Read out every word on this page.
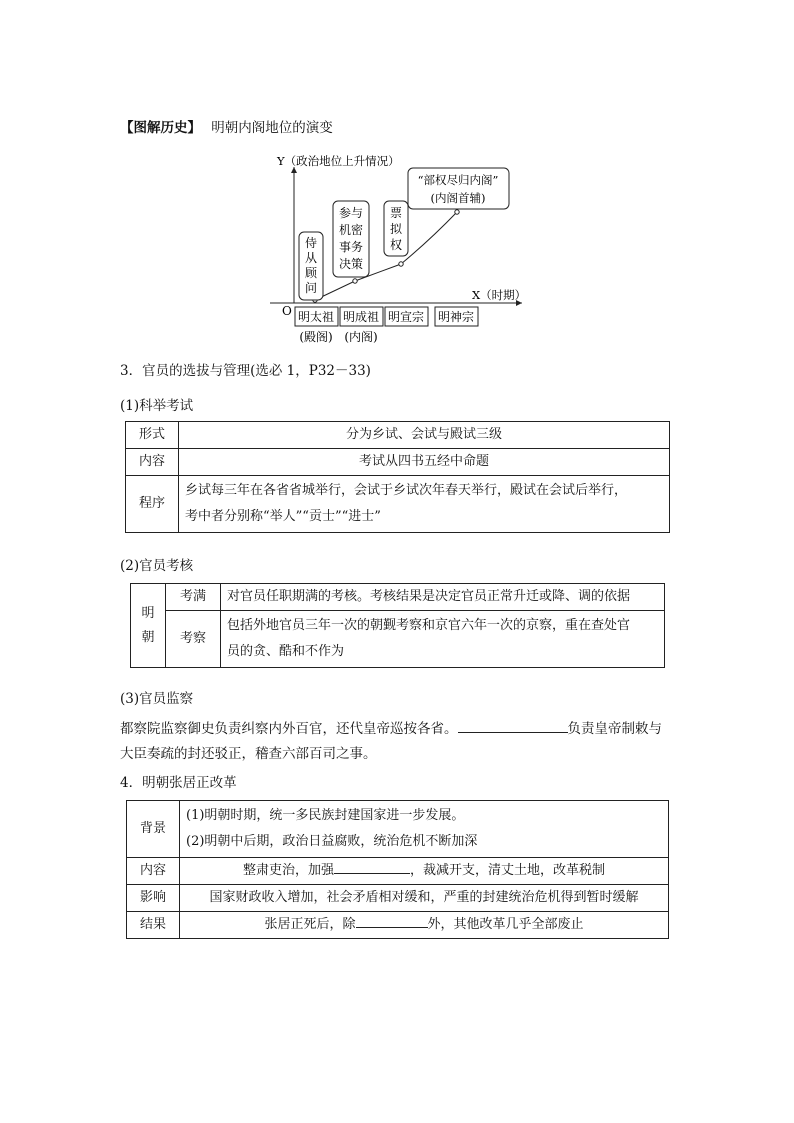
【图解历史】 明朝内阁地位的演变
Y（政治地位上升情况）
X（时期）
O
侍
从
顾
问
参与
机密
事务
决策
票
拟
权
“部权尽归内阁”
(内阁首辅)
明太祖 明成祖 明宣宗 明神宗
(殿阁) (内阁)
3．官员的选拔与管理(选必 1，P32－33)
(1)科举考试
形式	分为乡试、会试与殿试三级
内容	考试从四书五经中命题
程序	乡试每三年在各省省城举行，会试于乡试次年春天举行，殿试在会试后举行，
考中者分别称“举人”“贡士”“进士”
(2)官员考核
明
朝	考满	对官员任职期满的考核。考核结果是决定官员正常升迁或降、调的依据
	考察	包括外地官员三年一次的朝觐考察和京官六年一次的京察，重在查处官
员的贪、酷和不作为
(3)官员监察
都察院监察御史负责纠察内外百官，还代皇帝巡按各省。	负责皇帝制敕与
大臣奏疏的封还驳正，稽查六部百司之事。
4．明朝张居正改革
背景	(1)明朝时期，统一多民族封建国家进一步发展。
(2)明朝中后期，政治日益腐败，统治危机不断加深

内容	整肃吏治，加强 ，裁减开支，清丈土地，改革税制
影响	国家财政收入增加，社会矛盾相对缓和，严重的封建统治危机得到暂时缓解
结果	张居正死后，除 外，其他改革几乎全部废止
